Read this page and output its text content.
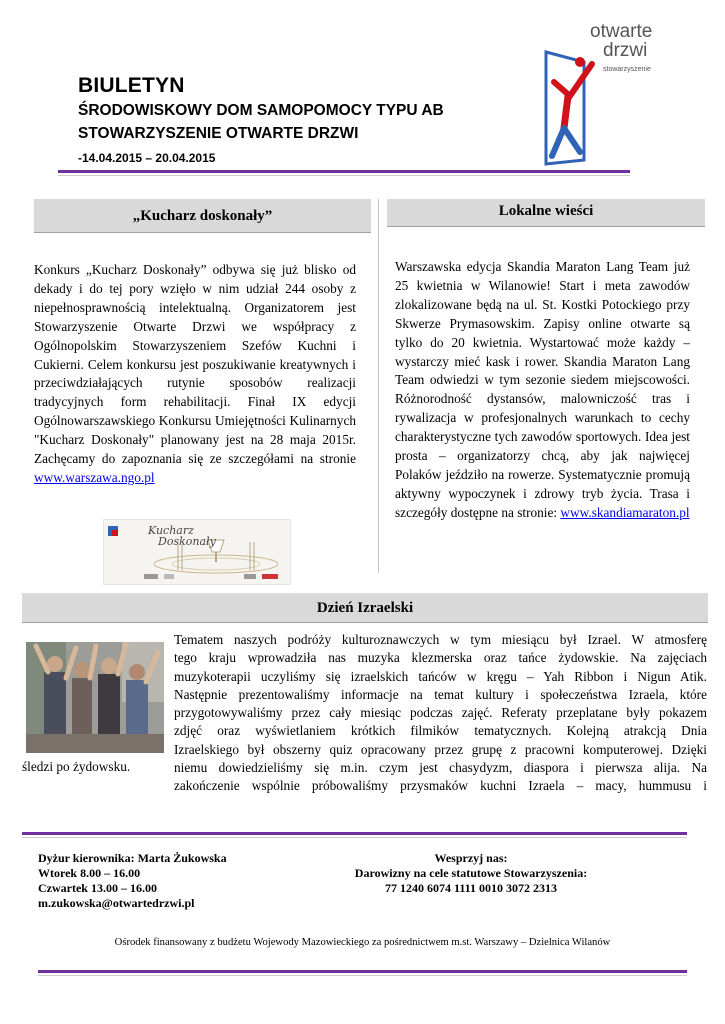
BIULETYN
ŚRODOWISKOWY DOM SAMOPOMOCY TYPU AB
STOWARZYSZENIE OTWARTE DRZWI
-14.04.2015 – 20.04.2015
otwarte
drzwi
stowarzyszenie
„Kucharz doskonały”
Konkurs „Kucharz Doskonały” odbywa się już blisko od dekady i do tej pory wzięło w nim udział 244 osoby z niepełnosprawnością intelektualną. Organizatorem jest Stowarzyszenie Otwarte Drzwi we współpracy z Ogólnopolskim Stowarzyszeniem Szefów Kuchni i Cukierni. Celem konkursu jest poszukiwanie kreatywnych i przeciwdziałających rutynie sposobów realizacji tradycyjnych form rehabilitacji. Finał IX edycji Ogólnowarszawskiego Konkursu Umiejętności Kulinarnych "Kucharz Doskonały" planowany jest na 28 maja 2015r. Zachęcamy do zapoznania się ze szczegółami na stronie www.warszawa.ngo.pl
Kucharz
Doskonały
Lokalne wieści
Warszawska edycja Skandia Maraton Lang Team już 25 kwietnia w Wilanowie! Start i meta zawodów zlokalizowane będą na ul. St. Kostki Potockiego przy Skwerze Prymasowskim. Zapisy online otwarte są tylko do 20 kwietnia. Wystartować może każdy – wystarczy mieć kask i rower. Skandia Maraton Lang Team odwiedzi w tym sezonie siedem miejscowości. Różnorodność dystansów, malowniczość tras i rywalizacja w profesjonalnych warunkach to cechy charakterystyczne tych zawodów sportowych. Idea jest prosta – organizatorzy chcą, aby jak najwięcej Polaków jeździło na rowerze. Systematycznie promują aktywny wypoczynek i zdrowy tryb życia. Trasa i szczegóły dostępne na stronie: www.skandiamaraton.pl
Dzień Izraelski
Tematem naszych podróży kulturoznawczych w tym miesiącu był Izrael. W atmosferę
tego kraju wprowadziła nas muzyka klezmerska oraz tańce żydowskie. Na zajęciach
muzykoterapii uczyliśmy się izraelskich tańców w kręgu – Yah Ribbon i Nigun Atik.
Następnie prezentowaliśmy informacje na temat kultury i społeczeństwa Izraela, które
przygotowywaliśmy przez cały miesiąc podczas zajęć. Referaty przeplatane były pokazem
zdjęć oraz wyświetlaniem krótkich filmików tematycznych. Kolejną atrakcją Dnia
Izraelskiego był obszerny quiz opracowany przez grupę z pracowni komputerowej. Dzięki
niemu dowiedzieliśmy się m.in. czym jest chasydyzm, diaspora i pierwsza alija. Na
zakończenie wspólnie próbowaliśmy przysmaków kuchni Izraela – macy, hummusu i
śledzi po żydowsku.
Dyżur kierownika: Marta Żukowska
Wtorek 8.00 – 16.00
Czwartek 13.00 – 16.00
m.zukowska@otwartedrzwi.pl
Wesprzyj nas:
Darowizny na cele statutowe Stowarzyszenia:
77 1240 6074 1111 0010 3072 2313
Ośrodek finansowany z budżetu Wojewody Mazowieckiego za pośrednictwem m.st. Warszawy – Dzielnica Wilanów
